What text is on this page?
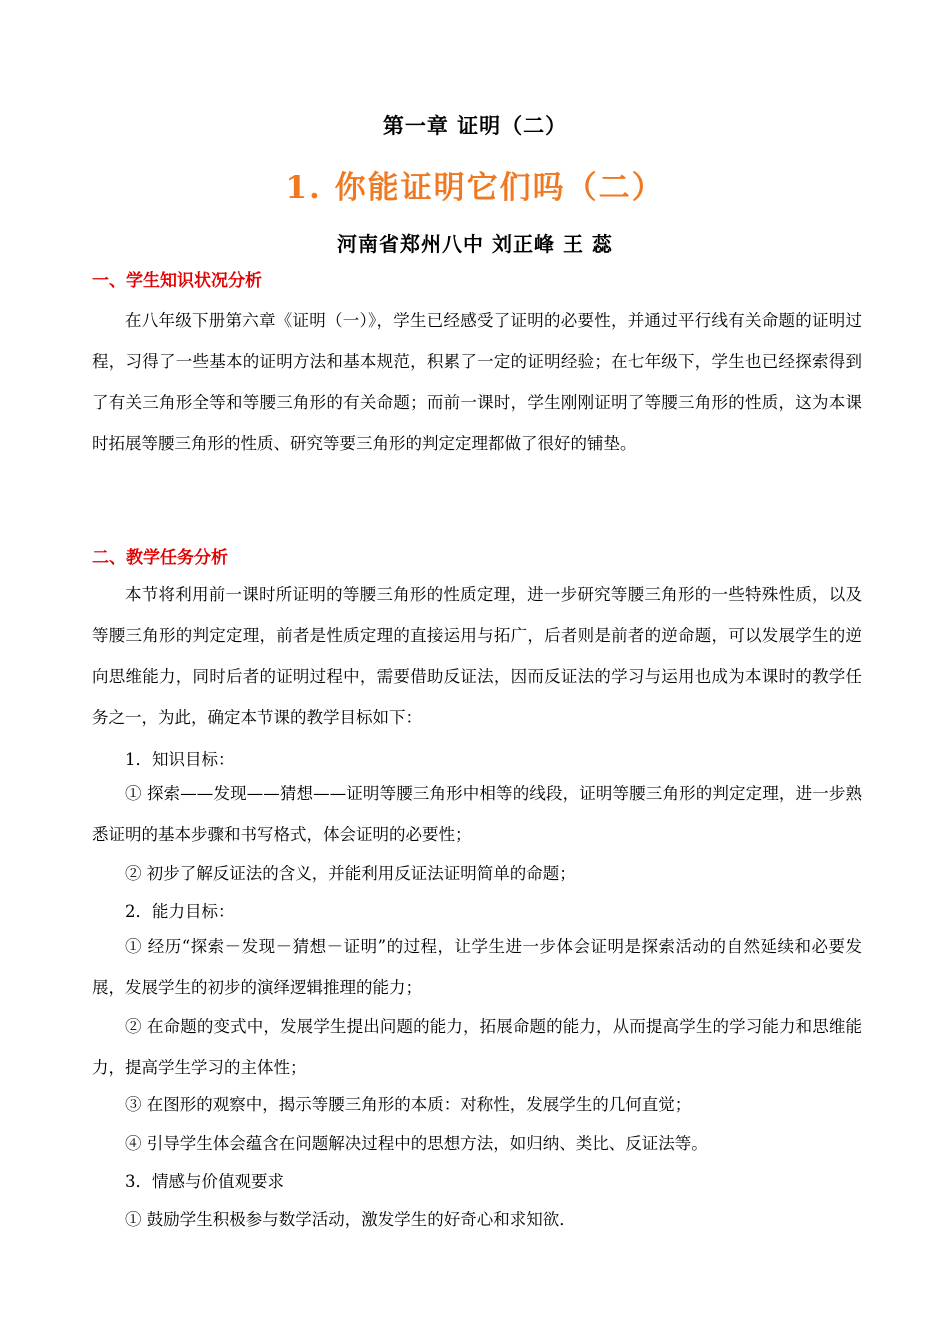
第一章 证明（二）
1. 你能证明它们吗（二）
河南省郑州八中 刘正峰 王 蕊
一、学生知识状况分析
在八年级下册第六章《证明（一）》，学生已经感受了证明的必要性，并通过平行线有关命题的证明过程，习得了一些基本的证明方法和基本规范，积累了一定的证明经验；在七年级下，学生也已经探索得到了有关三角形全等和等腰三角形的有关命题；而前一课时，学生刚刚证明了等腰三角形的性质，这为本课时拓展等腰三角形的性质、研究等要三角形的判定定理都做了很好的铺垫。
二、教学任务分析
本节将利用前一课时所证明的等腰三角形的性质定理，进一步研究等腰三角形的一些特殊性质，以及等腰三角形的判定定理，前者是性质定理的直接运用与拓广，后者则是前者的逆命题，可以发展学生的逆向思维能力，同时后者的证明过程中，需要借助反证法，因而反证法的学习与运用也成为本课时的教学任务之一，为此，确定本节课的教学目标如下：
1．知识目标：
① 探索——发现——猜想——证明等腰三角形中相等的线段，证明等腰三角形的判定定理，进一步熟悉证明的基本步骤和书写格式，体会证明的必要性；
② 初步了解反证法的含义，并能利用反证法证明简单的命题；
2．能力目标：
① 经历“探索－发现－猜想－证明”的过程，让学生进一步体会证明是探索活动的自然延续和必要发展，发展学生的初步的演绎逻辑推理的能力；
② 在命题的变式中，发展学生提出问题的能力，拓展命题的能力，从而提高学生的学习能力和思维能力，提高学生学习的主体性；
③ 在图形的观察中，揭示等腰三角形的本质：对称性，发展学生的几何直觉；
④ 引导学生体会蕴含在问题解决过程中的思想方法，如归纳、类比、反证法等。
3．情感与价值观要求
① 鼓励学生积极参与数学活动，激发学生的好奇心和求知欲．
